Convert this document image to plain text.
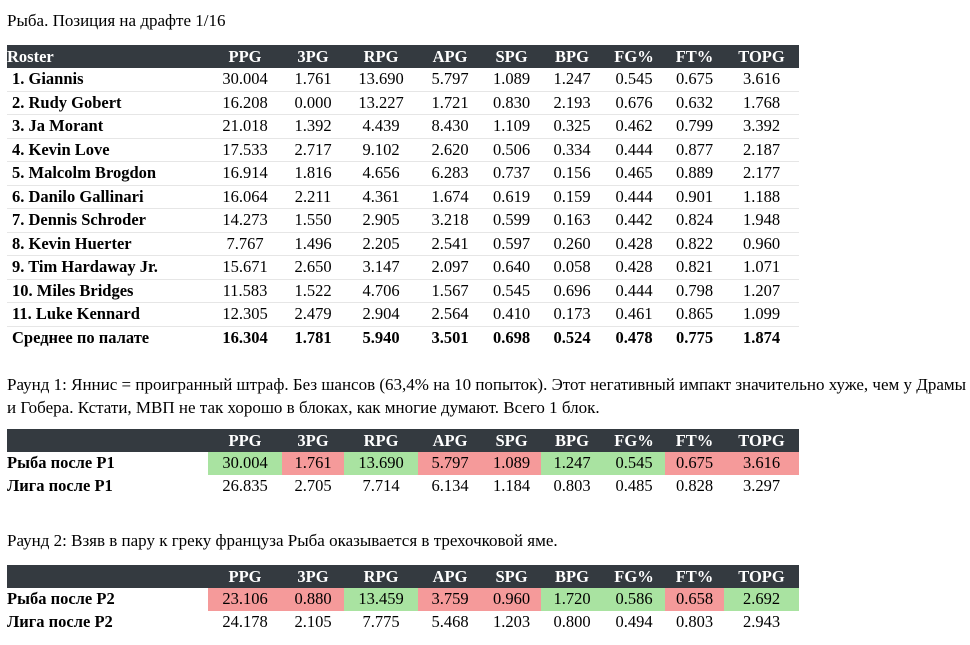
Рыба. Позиция на драфте 1/16
Roster	PPG	3PG	RPG	APG	SPG	BPG	FG%	FT%	TOPG
1. Giannis	30.004	1.761	13.690	5.797	1.089	1.247	0.545	0.675	3.616
2. Rudy Gobert	16.208	0.000	13.227	1.721	0.830	2.193	0.676	0.632	1.768
3. Ja Morant	21.018	1.392	4.439	8.430	1.109	0.325	0.462	0.799	3.392
4. Kevin Love	17.533	2.717	9.102	2.620	0.506	0.334	0.444	0.877	2.187
5. Malcolm Brogdon	16.914	1.816	4.656	6.283	0.737	0.156	0.465	0.889	2.177
6. Danilo Gallinari	16.064	2.211	4.361	1.674	0.619	0.159	0.444	0.901	1.188
7. Dennis Schroder	14.273	1.550	2.905	3.218	0.599	0.163	0.442	0.824	1.948
8. Kevin Huerter	7.767	1.496	2.205	2.541	0.597	0.260	0.428	0.822	0.960
9. Tim Hardaway Jr.	15.671	2.650	3.147	2.097	0.640	0.058	0.428	0.821	1.071
10. Miles Bridges	11.583	1.522	4.706	1.567	0.545	0.696	0.444	0.798	1.207
11. Luke Kennard	12.305	2.479	2.904	2.564	0.410	0.173	0.461	0.865	1.099
Среднее по палате	16.304	1.781	5.940	3.501	0.698	0.524	0.478	0.775	1.874
Раунд 1: Яннис = проигранный штраф. Без шансов (63,4% на 10 попыток). Этот негативный импакт значительно хуже, чем у Драмы и Гобера. Кстати, МВП не так хорошо в блоках, как многие думают. Всего 1 блок.
	PPG	3PG	RPG	APG	SPG	BPG	FG%	FT%	TOPG
Рыба после Р1	30.004	1.761	13.690	5.797	1.089	1.247	0.545	0.675	3.616
Лига после Р1	26.835	2.705	7.714	6.134	1.184	0.803	0.485	0.828	3.297
Раунд 2: Взяв в пару к греку француза Рыба оказывается в трехочковой яме.
	PPG	3PG	RPG	APG	SPG	BPG	FG%	FT%	TOPG
Рыба после Р2	23.106	0.880	13.459	3.759	0.960	1.720	0.586	0.658	2.692
Лига после Р2	24.178	2.105	7.775	5.468	1.203	0.800	0.494	0.803	2.943
